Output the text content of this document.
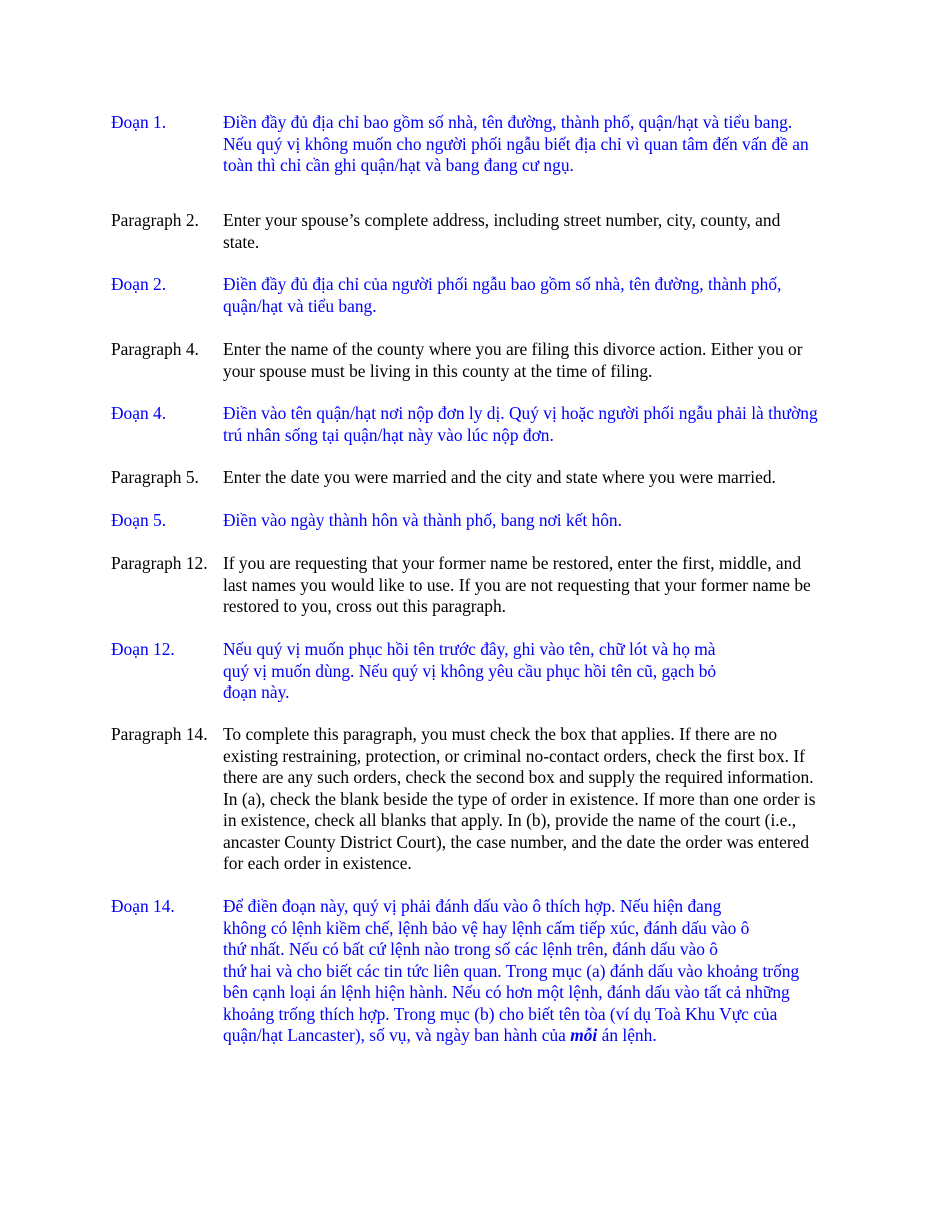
Đoạn 1.	Điền đầy đủ địa chỉ bao gồm số nhà, tên đường, thành phố, quận/hạt và tiểu bang.
Nếu quý vị không muốn cho người phối ngẫu biết địa chỉ vì quan tâm đến vấn đề an
toàn thì chỉ cần ghi quận/hạt và bang đang cư ngụ.
Paragraph 2. Enter your spouse’s complete address, including street number, city, county, and
state.
Đoạn 2.	Điền đầy đủ địa chỉ của người phối ngẫu bao gồm số nhà, tên đường, thành phố,
quận/hạt và tiểu bang.
Paragraph 4. Enter the name of the county where you are filing this divorce action. Either you or
your spouse must be living in this county at the time of filing.
Đoạn 4.	Điền vào tên quận/hạt nơi nộp đơn ly dị. Quý vị hoặc người phối ngẫu phải là thường
trú nhân sống tại quận/hạt này vào lúc nộp đơn.
Paragraph 5. Enter the date you were married and the city and state where you were married.
Đoạn 5.	Điền vào ngày thành hôn và thành phố, bang nơi kết hôn.
Paragraph 12. If you are requesting that your former name be restored, enter the first, middle, and
last names you would like to use. If you are not requesting that your former name be
restored to you, cross out this paragraph.
Đoạn 12.	Nếu quý vị muốn phục hồi tên trước đây, ghi vào tên, chữ lót và họ mà
quý vị muốn dùng. Nếu quý vị không yêu cầu phục hồi tên cũ, gạch bỏ
đoạn này.
Paragraph 14. To complete this paragraph, you must check the box that applies. If there are no
existing restraining, protection, or criminal no-contact orders, check the first box. If
there are any such orders, check the second box and supply the required information.
In (a), check the blank beside the type of order in existence. If more than one order is
in existence, check all blanks that apply. In (b), provide the name of the court (i.e.,
ancaster County District Court), the case number, and the date the order was entered
for each order in existence.
Đoạn 14.	Để điền đoạn này, quý vị phải đánh dấu vào ô thích hợp. Nếu hiện đang
không có lệnh kiềm chế, lệnh bảo vệ hay lệnh cấm tiếp xúc, đánh dấu vào ô
thứ nhất. Nếu có bất cứ lệnh nào trong số các lệnh trên, đánh dấu vào ô
thứ hai và cho biết các tin tức liên quan. Trong mục (a) đánh dấu vào khoảng trống
bên cạnh loại án lệnh hiện hành. Nếu có hơn một lệnh, đánh dấu vào tất cả những
khoảng trống thích hợp. Trong mục (b) cho biết tên tòa (ví dụ Toà Khu Vực của
quận/hạt Lancaster), số vụ, và ngày ban hành của mỗi án lệnh.
